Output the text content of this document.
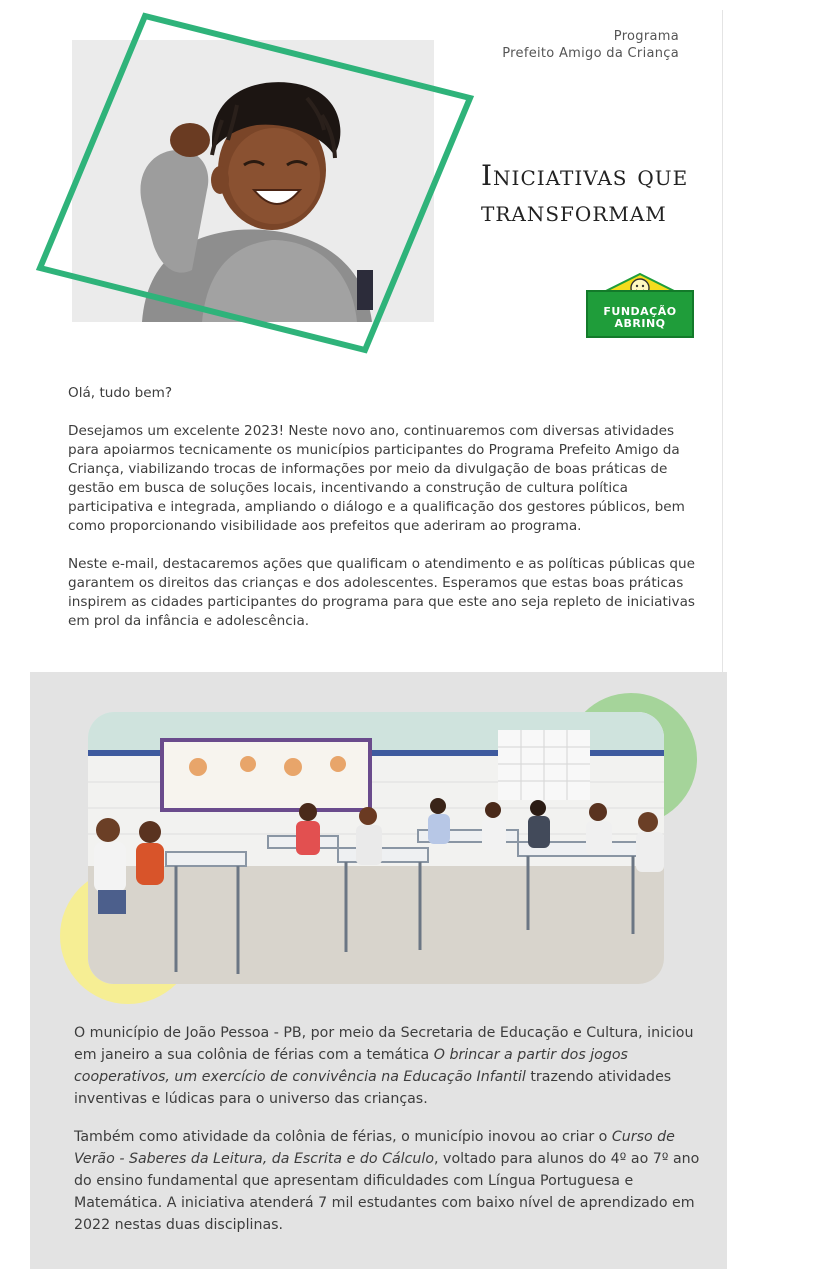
Programa
Prefeito Amigo da Criança
Iniciativas que
transformam
FUNDAÇÃO
ABRINQ

Olá, tudo bem?

Desejamos um excelente 2023! Neste novo ano, continuaremos com diversas atividades para apoiarmos tecnicamente os municípios participantes do Programa Prefeito Amigo da Criança, viabilizando trocas de informações por meio da divulgação de boas práticas de gestão em busca de soluções locais, incentivando a construção de cultura política participativa e integrada, ampliando o diálogo e a qualificação dos gestores públicos, bem como proporcionando visibilidade aos prefeitos que aderiram ao programa.

Neste e-mail, destacaremos ações que qualificam o atendimento e as políticas públicas que garantem os direitos das crianças e dos adolescentes. Esperamos que estas boas práticas inspirem as cidades participantes do programa para que este ano seja repleto de iniciativas em prol da infância e adolescência.

O município de João Pessoa - PB, por meio da Secretaria de Educação e Cultura, iniciou em janeiro a sua colônia de férias com a temática O brincar a partir dos jogos cooperativos, um exercício de convivência na Educação Infantil trazendo atividades inventivas e lúdicas para o universo das crianças.

Também como atividade da colônia de férias, o município inovou ao criar o Curso de Verão - Saberes da Leitura, da Escrita e do Cálculo, voltado para alunos do 4º ao 7º ano do ensino fundamental que apresentam dificuldades com Língua Portuguesa e Matemática. A iniciativa atenderá 7 mil estudantes com baixo nível de aprendizado em 2022 nestas duas disciplinas.
